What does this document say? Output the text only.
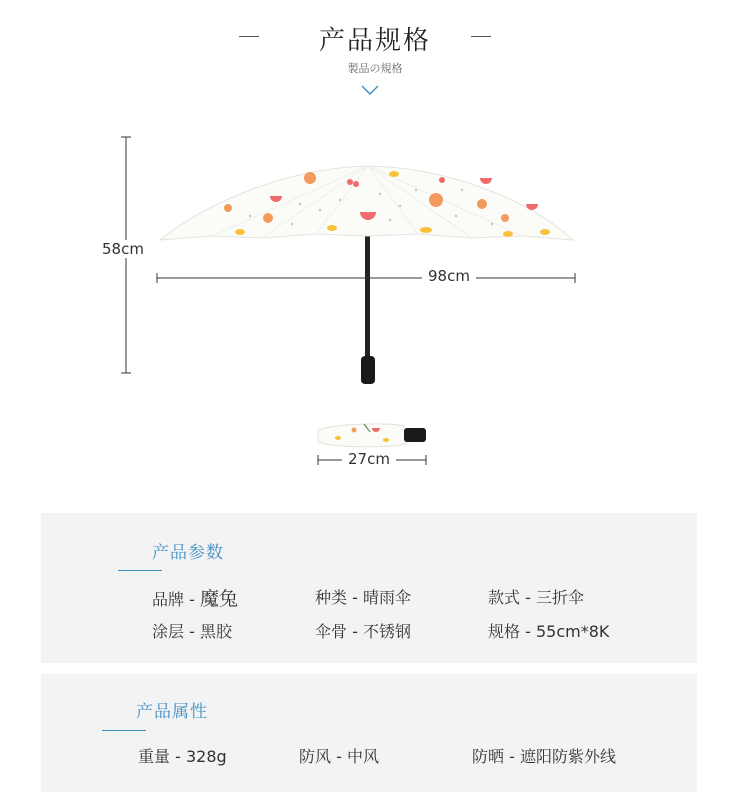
产品规格
製品の規格
58cm
98cm
27cm
产品参数
品牌 - 魔兔	种类 - 晴雨伞	款式 - 三折伞
涂层 - 黑胶	伞骨 - 不锈钢	规格 - 55cm*8K
产品属性
重量 - 328g	防风 - 中风	防晒 - 遮阳防紫外线
